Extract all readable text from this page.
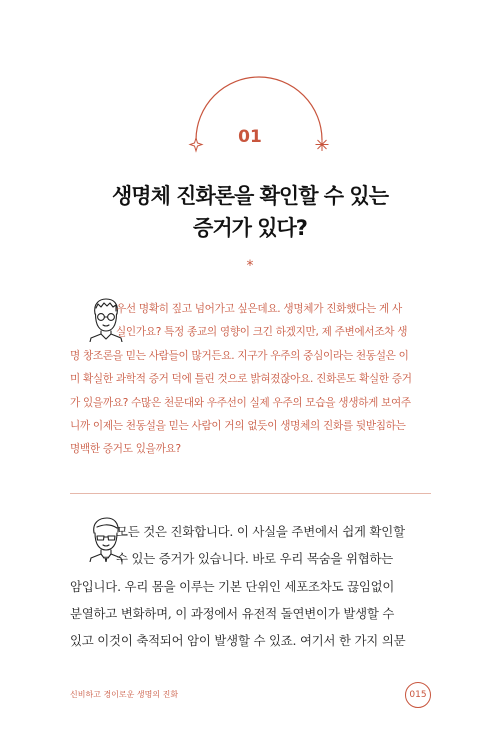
01
생명체 진화론을 확인할 수 있는
증거가 있다?
*
우선 명확히 짚고 넘어가고 싶은데요. 생명체가 진화했다는 게 사
실인가요? 특정 종교의 영향이 크긴 하겠지만, 제 주변에서조차 생
명 창조론을 믿는 사람들이 많거든요. 지구가 우주의 중심이라는 천동설은 이
미 확실한 과학적 증거 덕에 틀린 것으로 밝혀졌잖아요. 진화론도 확실한 증거
가 있을까요? 수많은 천문대와 우주선이 실제 우주의 모습을 생생하게 보여주
니까 이제는 천동설을 믿는 사람이 거의 없듯이 생명체의 진화를 뒷받침하는
명백한 증거도 있을까요?
모든 것은 진화합니다. 이 사실을 주변에서 쉽게 확인할
수 있는 증거가 있습니다. 바로 우리 목숨을 위협하는
암입니다. 우리 몸을 이루는 기본 단위인 세포조차도 끊임없이
분열하고 변화하며, 이 과정에서 유전적 돌연변이가 발생할 수
있고 이것이 축적되어 암이 발생할 수 있죠. 여기서 한 가지 의문
신비하고 경이로운 생명의 진화	015
